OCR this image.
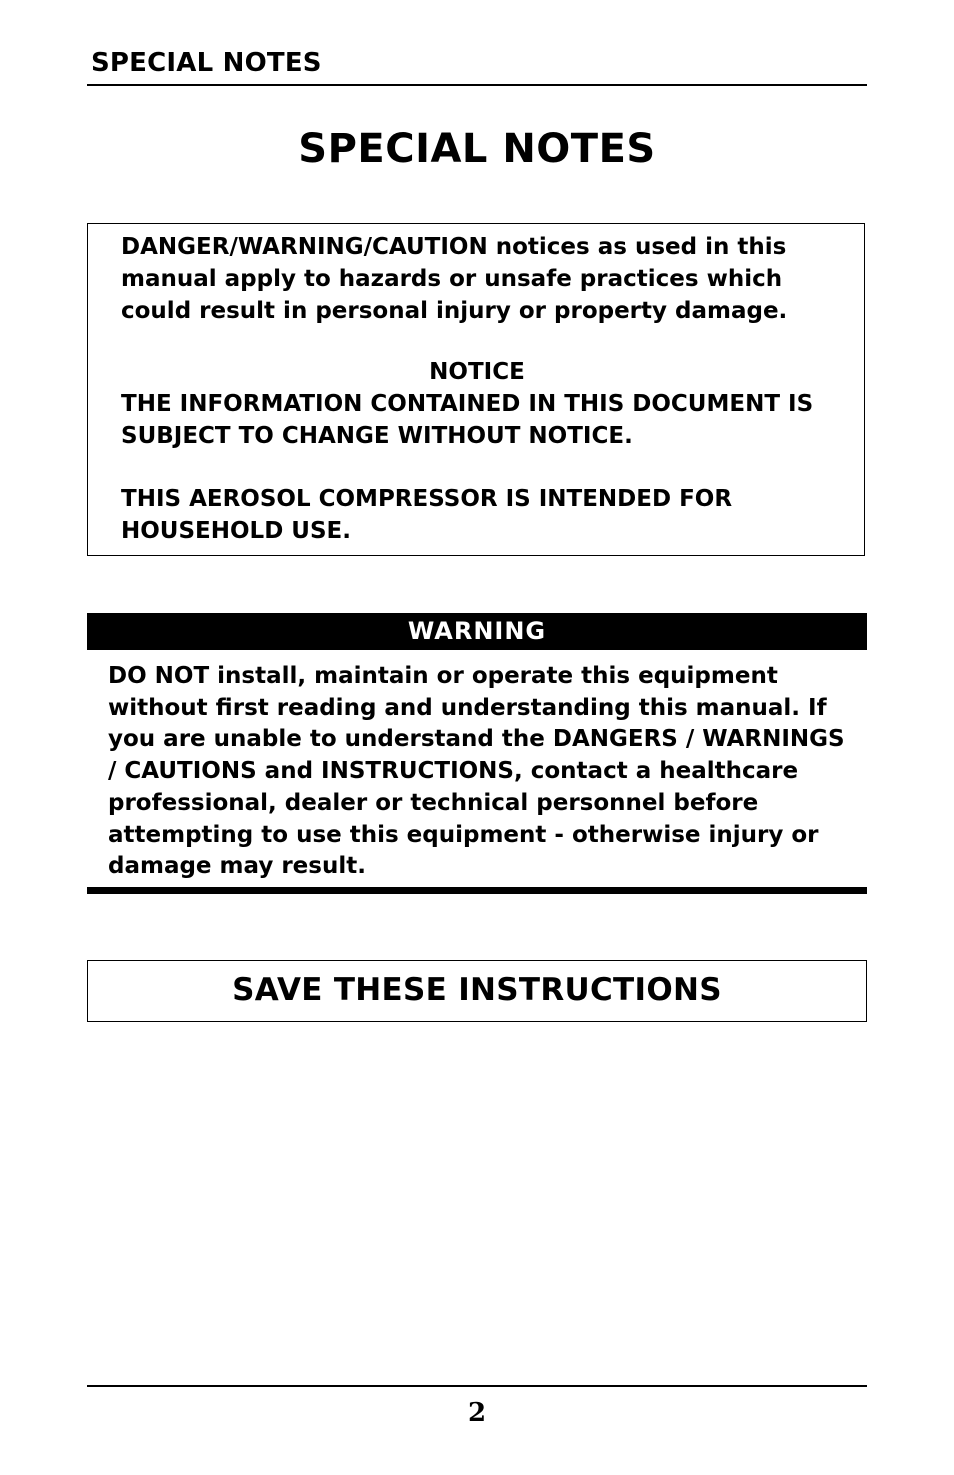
SPECIAL NOTES
SPECIAL NOTES
DANGER/WARNING/CAUTION notices as used in this manual apply to hazards or unsafe practices which could result in personal injury or property damage.
NOTICE
THE INFORMATION CONTAINED IN THIS DOCUMENT IS SUBJECT TO CHANGE WITHOUT NOTICE.
THIS AEROSOL COMPRESSOR IS INTENDED FOR HOUSEHOLD USE.
WARNING
DO NOT install, maintain or operate this equipment without first reading and understanding this manual. If you are unable to understand the DANGERS / WARNINGS / CAUTIONS and INSTRUCTIONS, contact a healthcare professional, dealer or technical personnel before attempting to use this equipment - otherwise injury or damage may result.
SAVE THESE INSTRUCTIONS
2
